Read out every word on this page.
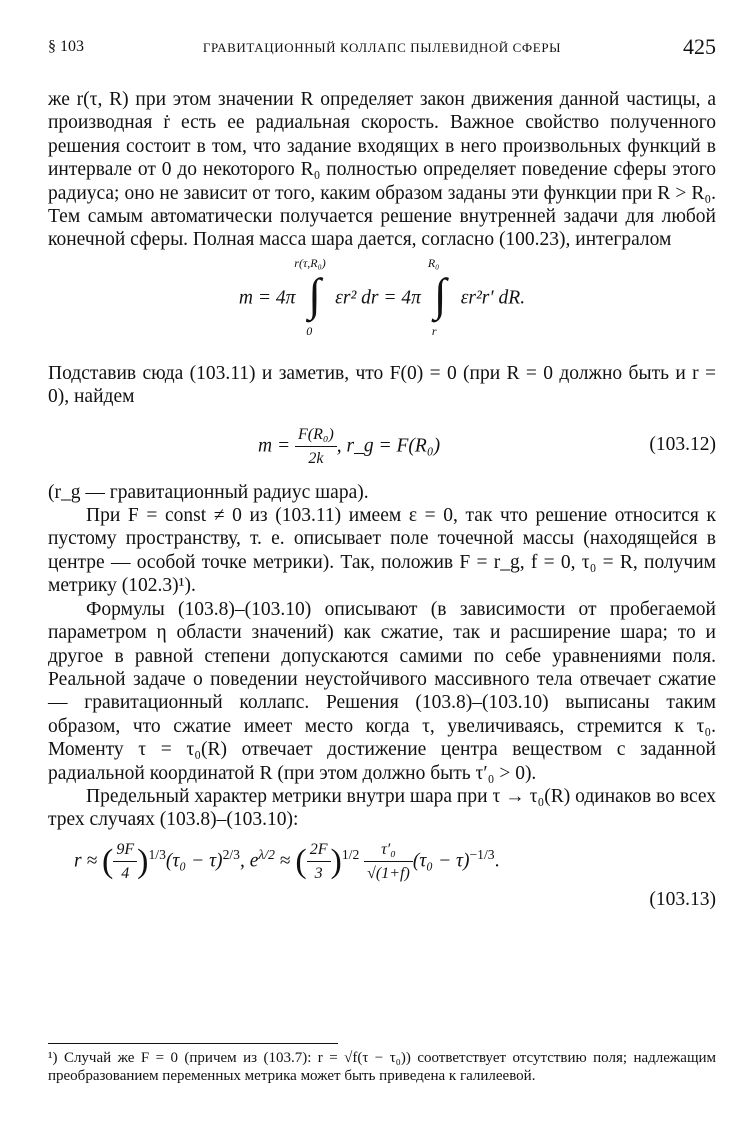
§ 103	ГРАВИТАЦИОННЫЙ КОЛЛАПС ПЫЛЕВИДНОЙ СФЕРЫ	425

же r(τ, R) при этом значении R определяет закон движения данной частицы, а производная ṙ есть ее радиальная скорость. Важное свойство полученного решения состоит в том, что задание входящих в него произвольных функций в интервале от 0 до некоторого R₀ полностью определяет поведение сферы этого радиуса; оно не зависит от того, каким образом заданы эти функции при R > R₀. Тем самым автоматически получается решение внутренней задачи для любой конечной сферы. Полная масса шара дается, согласно (100.23), интегралом

m = 4π
r(τ,R₀)
∫
0
εr² dr = 4π
R₀
∫
r
εr²r′ dR.

Подставив сюда (103.11) и заметив, что F(0) = 0 (при R = 0 должно быть и r = 0), найдем

$m = \frac{\text{F(R₀)}}{2k}$ , r_g = F(R₀)	(103.12)

(r_g — гравитационный радиус шара).

При F = const ≠ 0 из (103.11) имеем ε = 0, так что решение относится к пустому пространству, т. е. описывает поле точечной массы (находящейся в центре — особой точке метрики). Так, положив F = r_g, f = 0, τ₀ = R, получим метрику (102.3)¹).

Формулы (103.8)–(103.10) описывают (в зависимости от пробегаемой параметром η области значений) как сжатие, так и расширение шара; то и другое в равной степени допускаются самими по себе уравнениями поля. Реальной задаче о поведении неустойчивого массивного тела отвечает сжатие — гравитационный коллапс. Решения (103.8)–(103.10) выписаны таким образом, что сжатие имеет место когда τ, увеличиваясь, стремится к τ₀. Моменту τ = τ₀(R) отвечает достижение центра веществом с заданной радиальной координатой R (при этом должно быть τ′₀ > 0).

Предельный характер метрики внутри шара при τ → τ₀(R) одинаков во всех трех случаях (103.8)–(103.10):

r ≈ ( $\frac{9F}{4} )^{1/3}(\tau_0 - \tau)^{2/3}$, $e^{\lambda/2}$ ≈ ( $\frac{2F}{3} )^{1/2} \frac{\text{τ′₀}}{√(1+f)} (\tau_0 - \tau)^{-1/3}$.
(103.13)
¹) Случай же F = 0 (причем из (103.7): r = √f(τ − τ₀)) соответствует отсутствию поля; надлежащим преобразованием переменных метрика может быть приведена к галилеевой.
